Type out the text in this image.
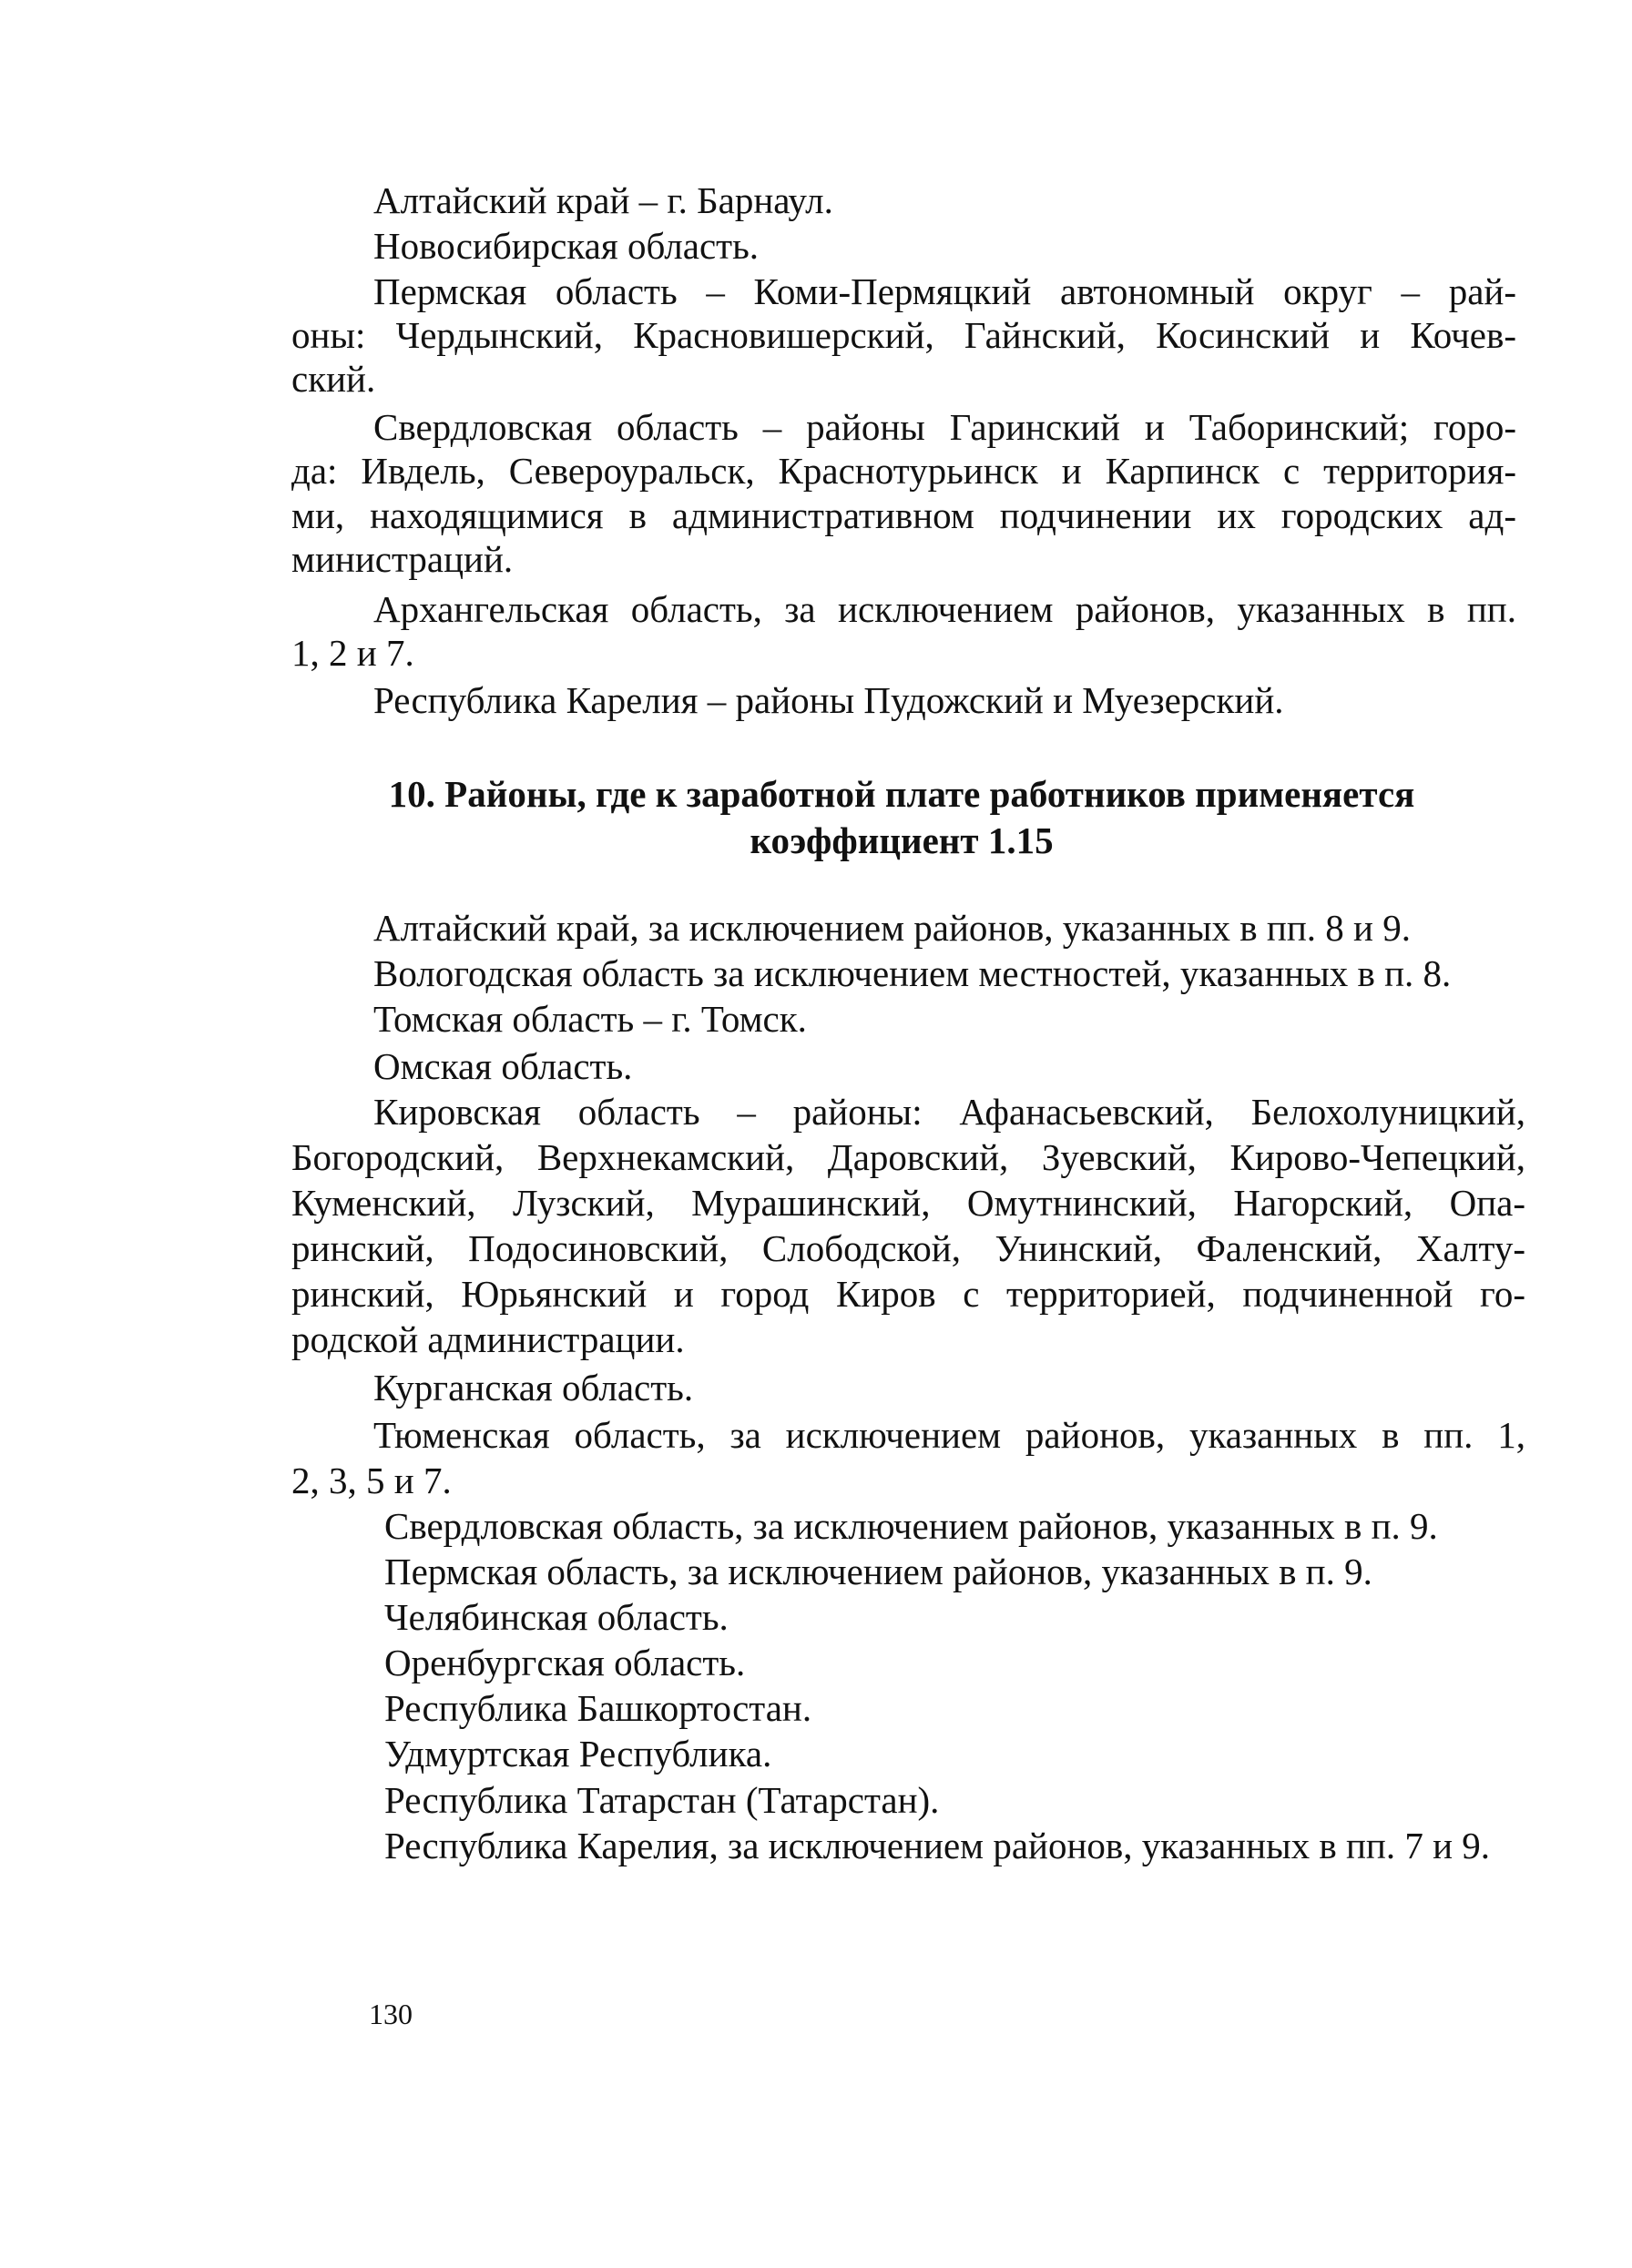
Алтайский край – г. Барнаул.

Новосибирская область.

Пермская область – Коми-Пермяцкий автономный округ – рай-

оны: Чердынский, Красновишерский, Гайнский, Косинский и Кочев-

ский.

Свердловская область – районы Гаринский и Таборинский; горо-

да: Ивдель, Североуральск, Краснотурьинск и Карпинск с территория-

ми, находящимися в административном подчинении их городских ад-

министраций.

Архангельская область, за исключением районов, указанных в пп.

1, 2 и 7.

Республика Карелия – районы Пудожский и Муезерский.

10. Районы, где к заработной плате работников применяется

коэффициент 1.15

Алтайский край, за исключением районов, указанных в пп. 8 и 9.

Вологодская область за исключением местностей, указанных в п. 8.

Томская область – г. Томск.

Омская область.

Кировская область – районы: Афанасьевский, Белохолуницкий,

Богородский, Верхнекамский, Даровский, Зуевский, Кирово-Чепецкий,

Куменский, Лузский, Мурашинский, Омутнинский, Нагорский, Опа-

ринский, Подосиновский, Слободской, Унинский, Фаленский, Халту-

ринский, Юрьянский и город Киров с территорией, подчиненной го-

родской администрации.

Курганская область.

Тюменская область, за исключением районов, указанных в пп. 1,

2, 3, 5 и 7.

Свердловская область, за исключением районов, указанных в п. 9.

Пермская область, за исключением районов, указанных в п. 9.

Челябинская область.

Оренбургская область.

Республика Башкортостан.

Удмуртская Республика.

Республика Татарстан (Татарстан).

Республика Карелия, за исключением районов, указанных в пп. 7 и 9.

130
